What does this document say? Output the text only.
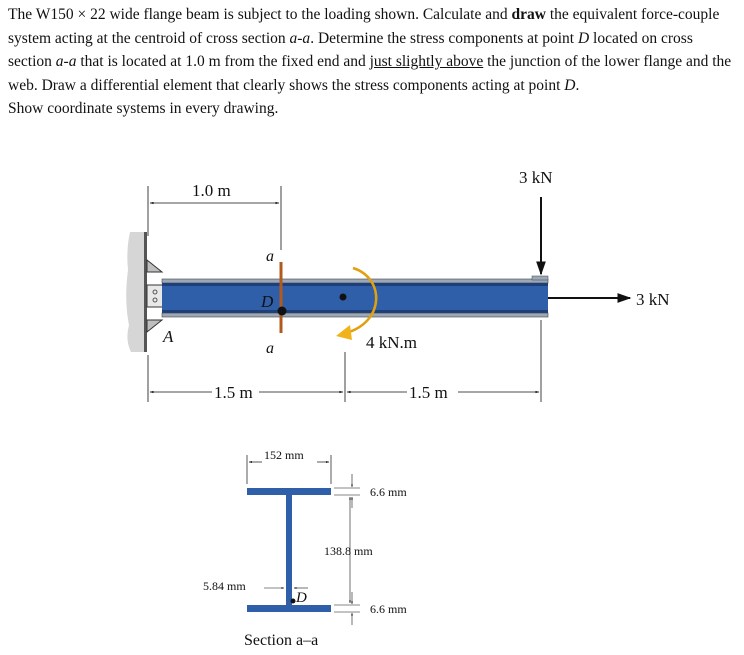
The W150 × 22 wide flange beam is subject to the loading shown. Calculate and draw the equivalent force-couple system acting at the centroid of cross section a-a. Determine the stress components at point D located on cross section a-a that is located at 1.0 m from the fixed end and just slightly above the junction of the lower flange and the web. Draw a differential element that clearly shows the stress components acting at point D.

Show coordinate systems in every drawing.

a
a
D
A	4 kN.m
3 kN
3 kN
1.0 m
1.5 m	1.5 m
D
152 mm
6.6 mm
138.8 mm
6.6 mm
5.84 mm
Section a–a
